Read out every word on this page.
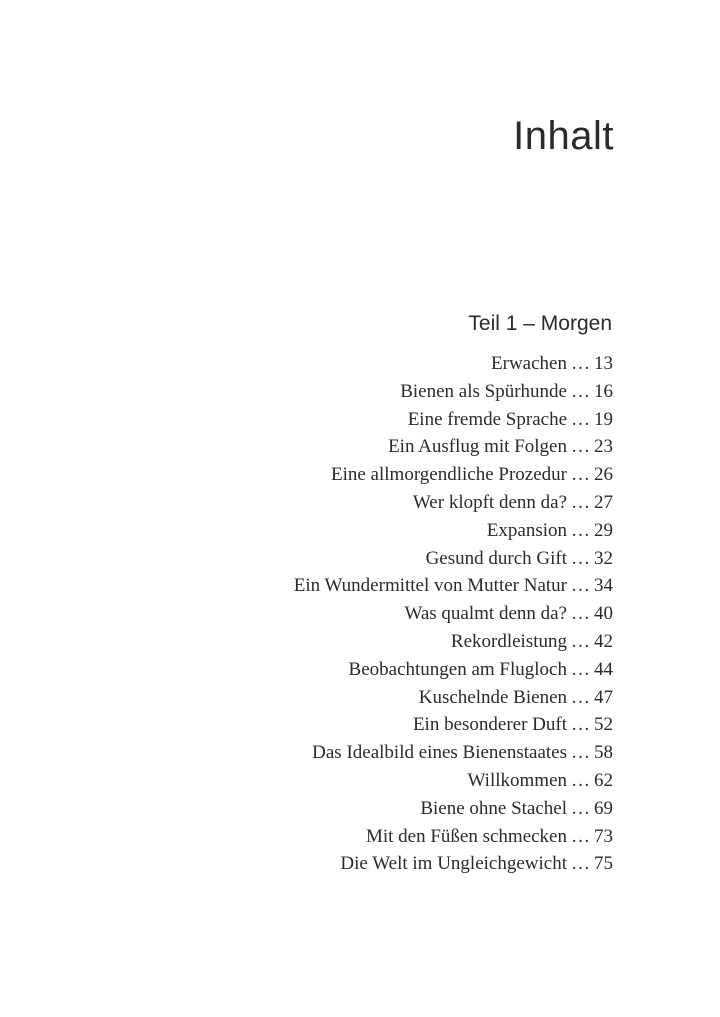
Inhalt
Teil 1 – Morgen
Erwachen … 13
Bienen als Spürhunde … 16
Eine fremde Sprache … 19
Ein Ausflug mit Folgen … 23
Eine allmorgendliche Prozedur … 26
Wer klopft denn da? … 27
Expansion … 29
Gesund durch Gift … 32
Ein Wundermittel von Mutter Natur … 34
Was qualmt denn da? … 40
Rekordleistung … 42
Beobachtungen am Flugloch … 44
Kuschelnde Bienen … 47
Ein besonderer Duft … 52
Das Idealbild eines Bienenstaates … 58
Willkommen … 62
Biene ohne Stachel … 69
Mit den Füßen schmecken … 73
Die Welt im Ungleichgewicht … 75
